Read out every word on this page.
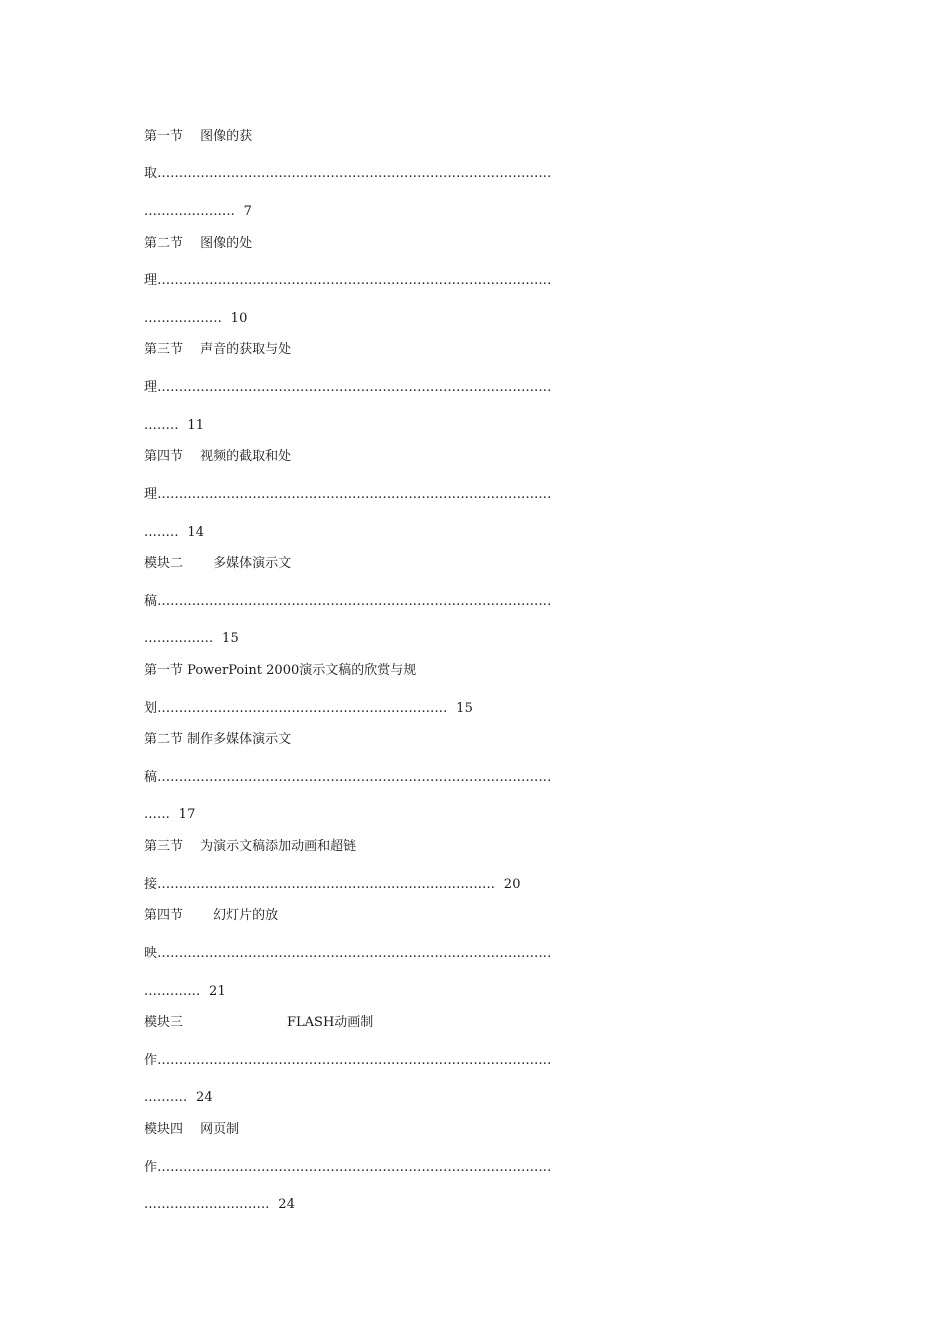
第一节　 图像的获
取...........................................................................................
.....................  7
第二节　 图像的处
理...........................................................................................
..................  10
第三节　 声音的获取与处
理...........................................................................................
........  11
第四节　 视频的截取和处
理...........................................................................................
........  14
模块二　　 多媒体演示文
稿...........................................................................................
................  15
第一节 PowerPoint 2000演示文稿的欣赏与规
划...................................................................  15
第二节 制作多媒体演示文
稿...........................................................................................
......  17
第三节　 为演示文稿添加动画和超链
接..............................................................................  20
第四节　　 幻灯片的放
映...........................................................................................
.............  21
模块三　　　　　　　　FLASH动画制
作...........................................................................................
..........  24
模块四　 网页制
作...........................................................................................
.............................  24
